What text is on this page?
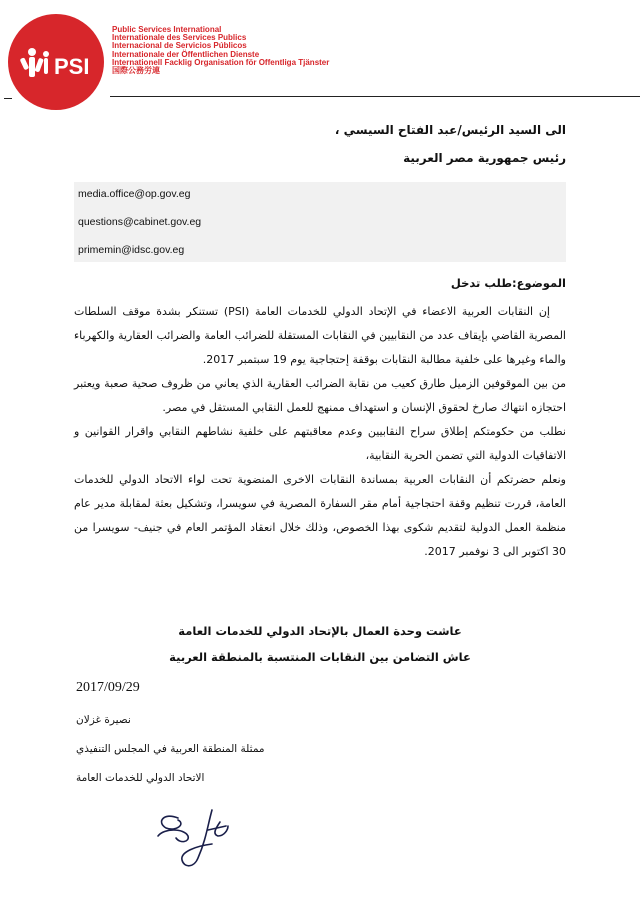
PSI
Public Services International
Internationale des Services Publics
Internacional de Servicios Públicos
Internationale der Öffentlichen Dienste
Internationell Facklig Organisation för Offentliga Tjänster
国際公務労連
الى السيد الرئيس/عبد الفتاح السيسي ،
رئيس جمهورية مصر العربية
media.office@op.gov.eg
questions@cabinet.gov.eg
primemin@idsc.gov.eg
الموضوع:طلب تدخل

إن النقابات العربية الاعضاء في الإتحاد الدولي للخدمات العامة (PSI) تستنكر بشدة موقف السلطات المصرية القاضي بإيقاف عدد من النقابيين في النقابات المستقلة للضرائب العامة والضرائب العقارية والكهرباء والماء وغيرها على خلفية مطالبة النقابات بوقفة إحتجاجية يوم 19 سبتمبر 2017.

من بين الموقوفين الزميل طارق كعيب من نقابة الضرائب العقارية الذي يعاني من ظروف صحية صعبة ويعتبر احتجازه انتهاك صارخ لحقوق الإنسان و استهداف ممنهج للعمل النقابي المستقل في مصر.

نطلب من حكومتكم إطلاق سراح النقابيين وعدم معاقبتهم على خلفية نشاطهم النقابي واقرار القوانين و الاتفاقيات الدولية التي تضمن الحرية النقابية،

ونعلم حضرتكم أن النقابات العربية بمساندة النقابات الاخرى المنضوية تحت لواء الاتحاد الدولي للخدمات العامة، قررت تنظيم وقفة احتجاجية أمام مقر السفارة المصرية في سويسرا، وتشكيل بعثة لمقابلة مدير عام منظمة العمل الدولية لتقديم شكوى بهذا الخصوص، وذلك خلال انعقاد المؤتمر العام في جنيف- سويسرا من 30 اكتوبر الى 3 نوفمبر 2017.

عاشت وحدة العمال بالإتحاد الدولي للخدمات العامة
عاش التضامن بين النقابات المنتسبة بالمنطقة العربية
2017/09/29
نصيرة غزلان
ممثلة المنطقة العربية في المجلس التنفيذي
الاتحاد الدولي للخدمات العامة
